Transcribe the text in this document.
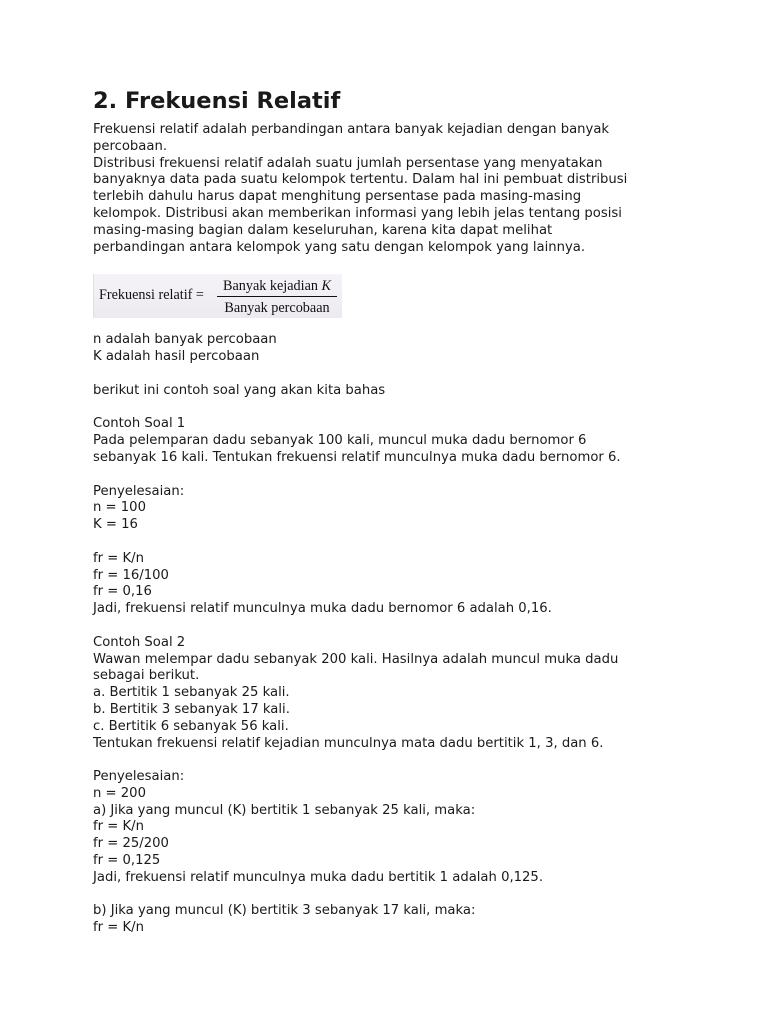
2. Frekuensi Relatif
Frekuensi relatif adalah perbandingan antara banyak kejadian dengan banyak
percobaan.
Distribusi frekuensi relatif adalah suatu jumlah persentase yang menyatakan
banyaknya data pada suatu kelompok tertentu. Dalam hal ini pembuat distribusi
terlebih dahulu harus dapat menghitung persentase pada masing-masing
kelompok. Distribusi akan memberikan informasi yang lebih jelas tentang posisi
masing-masing bagian dalam keseluruhan, karena kita dapat melihat
perbandingan antara kelompok yang satu dengan kelompok yang lainnya.
Frekuensi relatif =
Banyak kejadian K
Banyak percobaan
n adalah banyak percobaan
K adalah hasil percobaan
berikut ini contoh soal yang akan kita bahas
Contoh Soal 1
Pada pelemparan dadu sebanyak 100 kali, muncul muka dadu bernomor 6
sebanyak 16 kali. Tentukan frekuensi relatif munculnya muka dadu bernomor 6.
Penyelesaian:
n = 100
K = 16
fr = K/n
fr = 16/100
fr = 0,16
Jadi, frekuensi relatif munculnya muka dadu bernomor 6 adalah 0,16.
Contoh Soal 2
Wawan melempar dadu sebanyak 200 kali. Hasilnya adalah muncul muka dadu
sebagai berikut.
a. Bertitik 1 sebanyak 25 kali.
b. Bertitik 3 sebanyak 17 kali.
c. Bertitik 6 sebanyak 56 kali.
Tentukan frekuensi relatif kejadian munculnya mata dadu bertitik 1, 3, dan 6.
Penyelesaian:
n = 200
a) Jika yang muncul (K) bertitik 1 sebanyak 25 kali, maka:
fr = K/n
fr = 25/200
fr = 0,125
Jadi, frekuensi relatif munculnya muka dadu bertitik 1 adalah 0,125.
b) Jika yang muncul (K) bertitik 3 sebanyak 17 kali, maka:
fr = K/n
